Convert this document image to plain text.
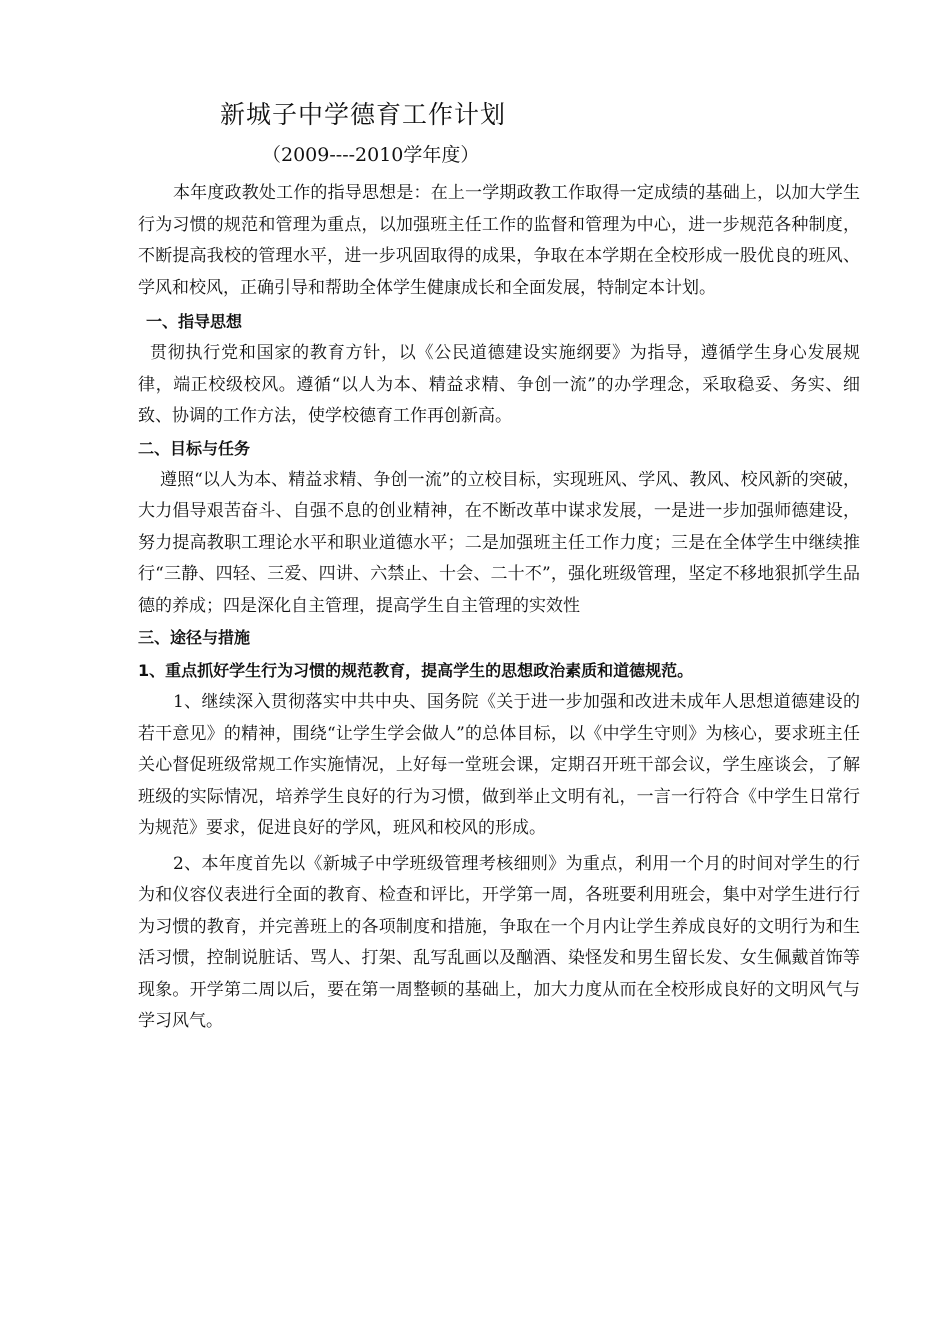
新城子中学德育工作计划
（2009----2010学年度）

本年度政教处工作的指导思想是：在上一学期政教工作取得一定成绩的基础上，以加大学生行为习惯的规范和管理为重点，以加强班主任工作的监督和管理为中心，进一步规范各种制度，不断提高我校的管理水平，进一步巩固取得的成果，争取在本学期在全校形成一股优良的班风、学风和校风，正确引导和帮助全体学生健康成长和全面发展，特制定本计划。

一、指导思想

贯彻执行党和国家的教育方针，以《公民道德建设实施纲要》为指导，遵循学生身心发展规律，端正校级校风。遵循“以人为本、精益求精、争创一流”的办学理念，采取稳妥、务实、细致、协调的工作方法，使学校德育工作再创新高。

二、目标与任务

遵照“以人为本、精益求精、争创一流”的立校目标，实现班风、学风、教风、校风新的突破，大力倡导艰苦奋斗、自强不息的创业精神，在不断改革中谋求发展，一是进一步加强师德建设，努力提高教职工理论水平和职业道德水平；二是加强班主任工作力度；三是在全体学生中继续推行“三静、四轻、三爱、四讲、六禁止、十会、二十不”，强化班级管理，坚定不移地狠抓学生品德的养成；四是深化自主管理，提高学生自主管理的实效性

三、途径与措施

1、重点抓好学生行为习惯的规范教育，提高学生的思想政治素质和道德规范。

1、继续深入贯彻落实中共中央、国务院《关于进一步加强和改进未成年人思想道德建设的若干意见》的精神，围绕“让学生学会做人”的总体目标，以《中学生守则》为核心，要求班主任关心督促班级常规工作实施情况，上好每一堂班会课，定期召开班干部会议，学生座谈会，了解班级的实际情况，培养学生良好的行为习惯，做到举止文明有礼，一言一行符合《中学生日常行为规范》要求，促进良好的学风，班风和校风的形成。

2、本年度首先以《新城子中学班级管理考核细则》为重点，利用一个月的时间对学生的行为和仪容仪表进行全面的教育、检查和评比，开学第一周，各班要利用班会，集中对学生进行行为习惯的教育，并完善班上的各项制度和措施，争取在一个月内让学生养成良好的文明行为和生活习惯，控制说脏话、骂人、打架、乱写乱画以及酗酒、染怪发和男生留长发、女生佩戴首饰等现象。开学第二周以后，要在第一周整顿的基础上，加大力度从而在全校形成良好的文明风气与学习风气。
